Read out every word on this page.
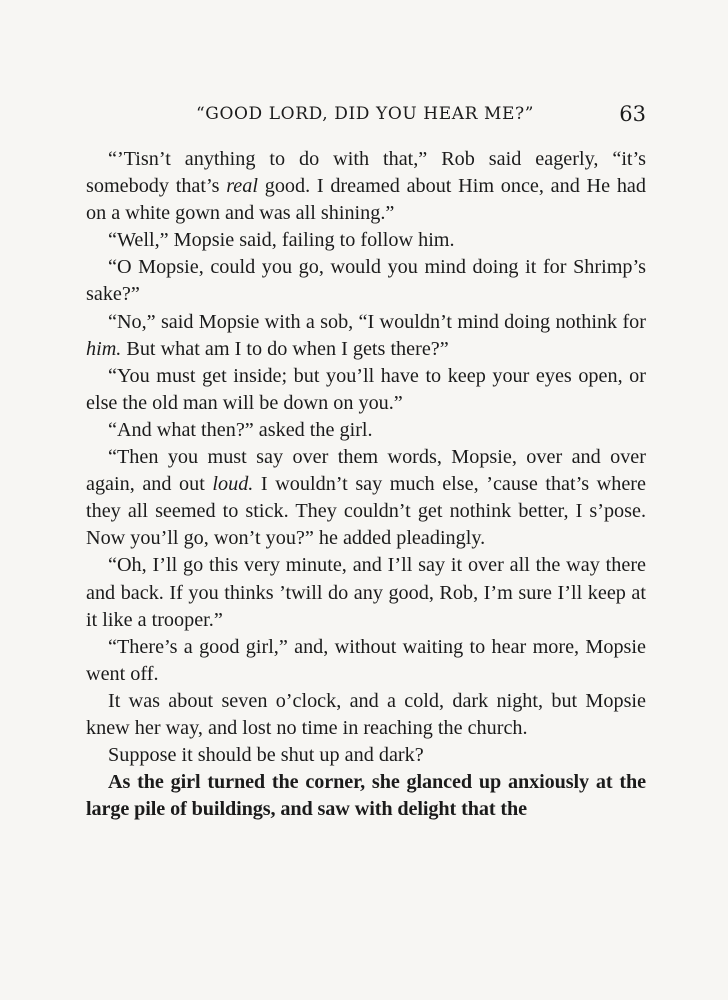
“GOOD LORD, DID YOU HEAR ME?”	63

“’Tisn’t anything to do with that,” Rob said eagerly, “it’s somebody that’s real good. I dreamed about Him once, and He had on a white gown and was all shining.”

“Well,” Mopsie said, failing to follow him.

“O Mopsie, could you go, would you mind doing it for Shrimp’s sake?”

“No,” said Mopsie with a sob, “I wouldn’t mind doing nothink for him. But what am I to do when I gets there?”

“You must get inside; but you’ll have to keep your eyes open, or else the old man will be down on you.”

“And what then?” asked the girl.

“Then you must say over them words, Mopsie, over and over again, and out loud. I wouldn’t say much else, ’cause that’s where they all seemed to stick. They couldn’t get nothink better, I s’pose. Now you’ll go, won’t you?” he added pleadingly.

“Oh, I’ll go this very minute, and I’ll say it over all the way there and back. If you thinks ’twill do any good, Rob, I’m sure I’ll keep at it like a trooper.”

“There’s a good girl,” and, without waiting to hear more, Mopsie went off.

It was about seven o’clock, and a cold, dark night, but Mopsie knew her way, and lost no time in reaching the church.

Suppose it should be shut up and dark?

As the girl turned the corner, she glanced up anxiously at the large pile of buildings, and saw with delight that the
